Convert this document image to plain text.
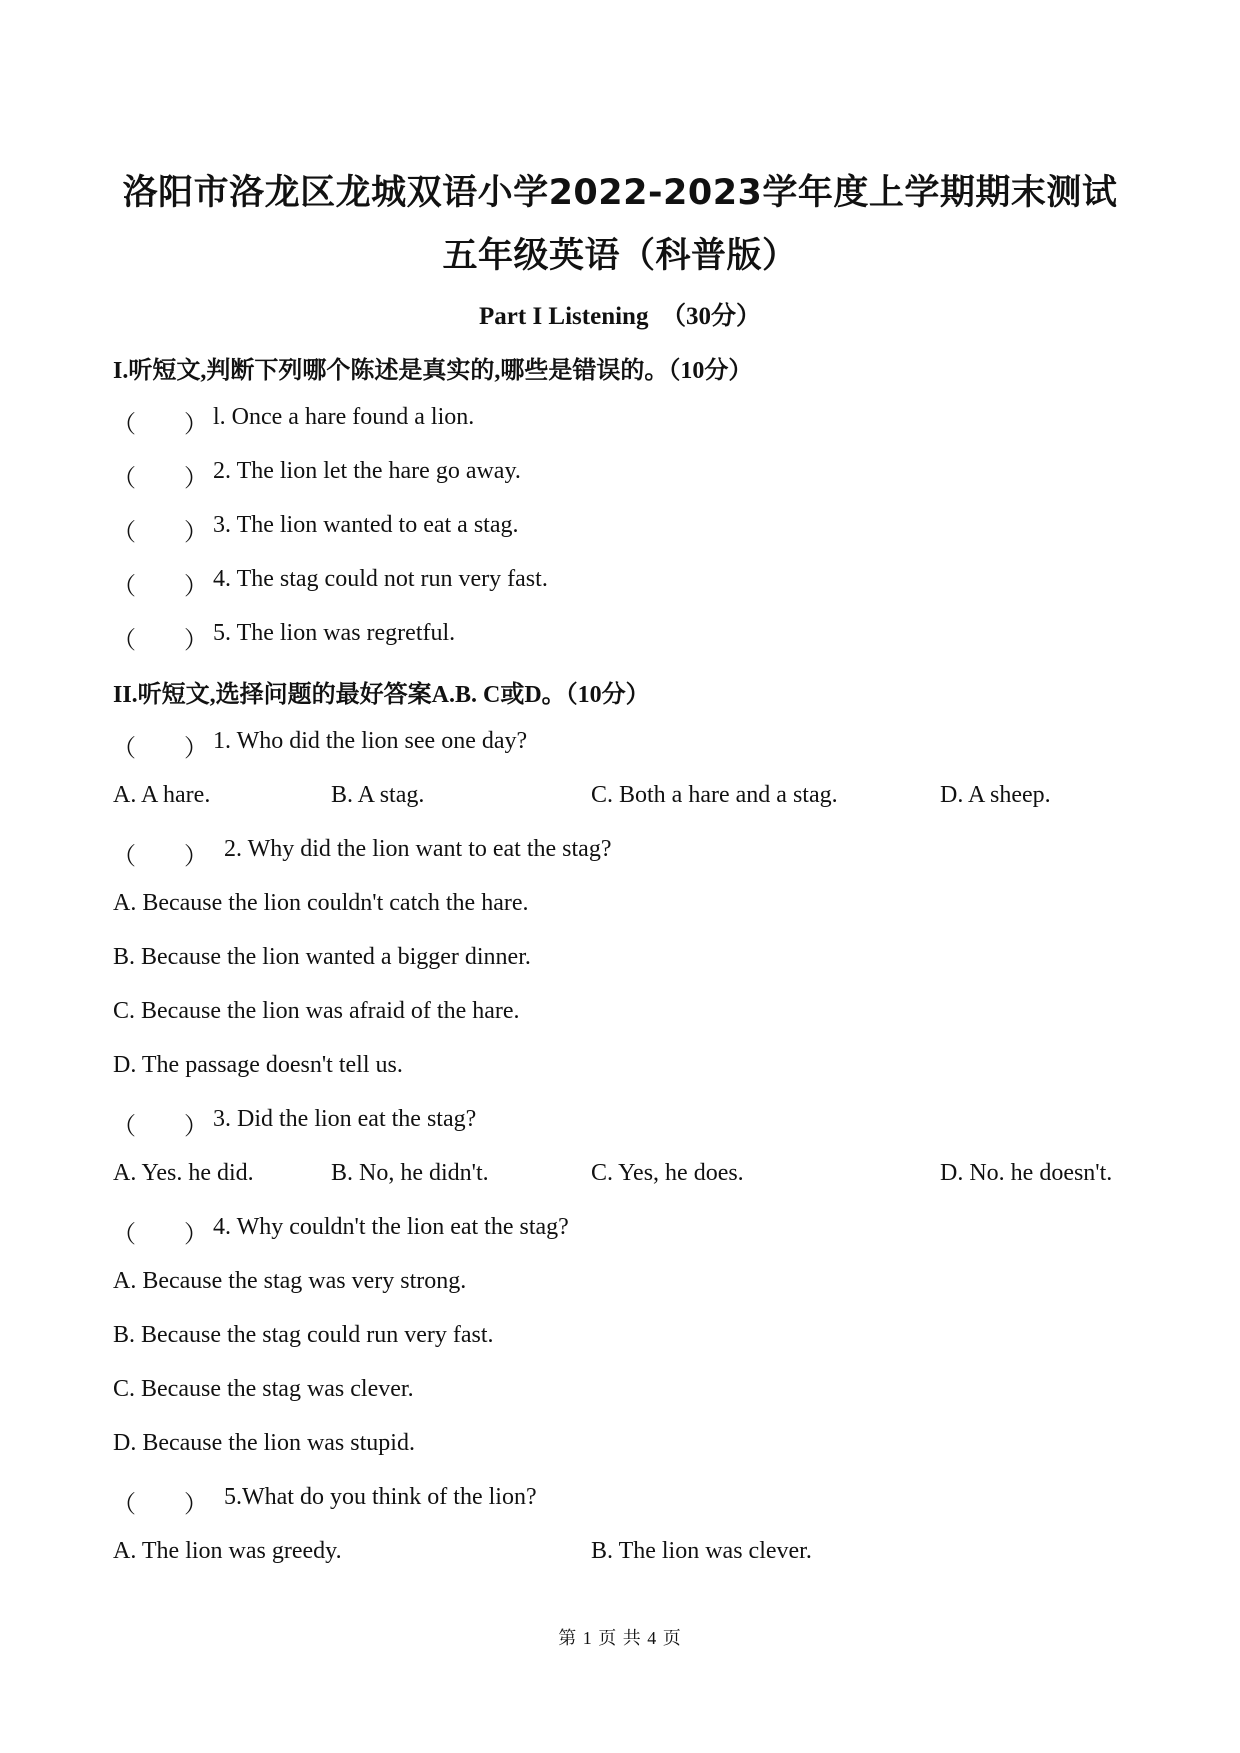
洛阳市洛龙区龙城双语小学2022-2023学年度上学期期末测试
五年级英语（科普版）
Part I Listening　（30分）
I.听短文,判断下列哪个陈述是真实的,哪些是错误的。（10分）
（　　） l. Once a hare found a lion.
（　　） 2. The lion let the hare go away.
（　　） 3. The lion wanted to eat a stag.
（　　） 4. The stag could not run very fast.
（　　） 5. The lion was regretful.
II.听短文,选择问题的最好答案A.B. C或D。（10分）
（　　） 1. Who did the lion see one day?
A. A hare.	B. A stag.	C. Both a hare and a stag.	D. A sheep.
（　　） 2. Why did the lion want to eat the stag?
A. Because the lion couldn't catch the hare.
B. Because the lion wanted a bigger dinner.
C. Because the lion was afraid of the hare.
D. The passage doesn't tell us.
（　　） 3. Did the lion eat the stag?
A. Yes. he did.	B. No, he didn't.	C. Yes, he does.	D. No. he doesn't.
（　　） 4. Why couldn't the lion eat the stag?
A. Because the stag was very strong.
B. Because the stag could run very fast.
C. Because the stag was clever.
D. Because the lion was stupid.
（　　） 5.What do you think of the lion?
A. The lion was greedy.	B. The lion was clever.
第 1 页 共 4 页
